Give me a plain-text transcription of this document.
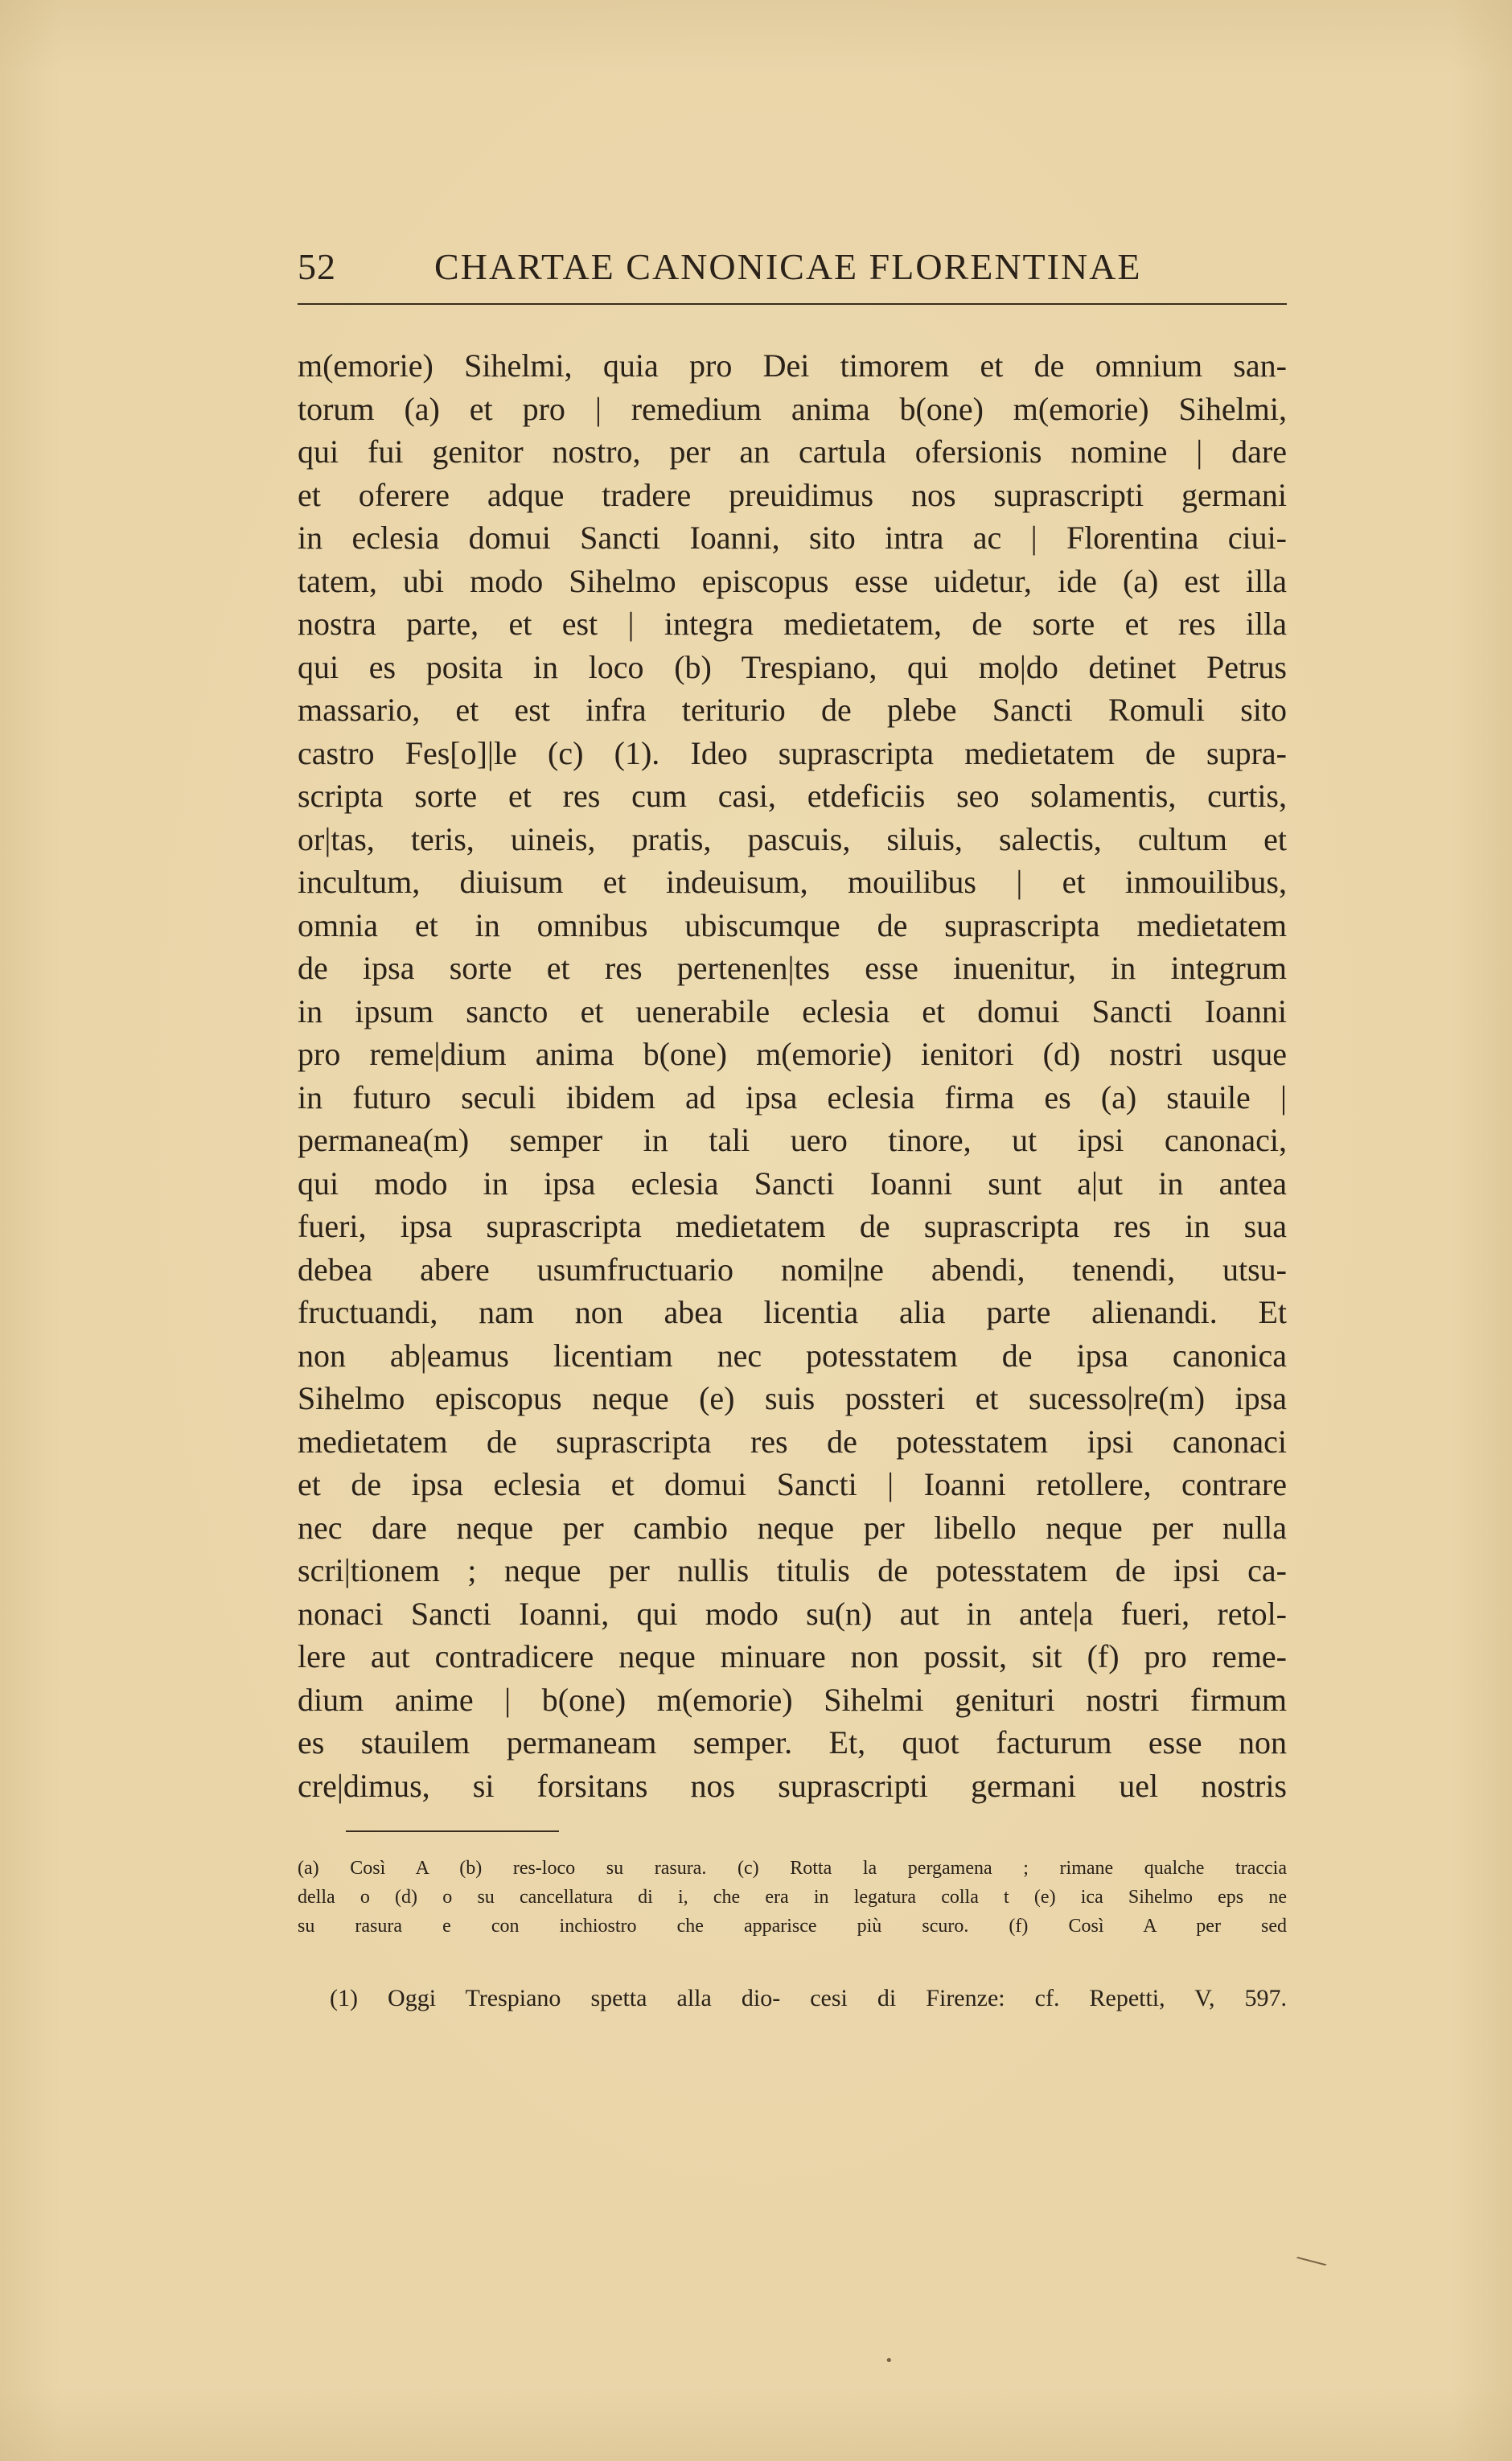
52	CHARTAE CANONICAE FLORENTINAE
m(emorie) Sihelmi, quia pro Dei timorem et de omnium san-
torum (a) et pro | remedium anima b(one) m(emorie) Sihelmi,
qui fui genitor nostro, per an cartula ofersionis nomine | dare
et oferere adque tradere preuidimus nos suprascripti germani
in eclesia domui Sancti Ioanni, sito intra ac | Florentina ciui-
tatem, ubi modo Sihelmo episcopus esse uidetur, ide (a) est illa
nostra parte, et est | integra medietatem, de sorte et res illa
qui es posita in loco (b) Trespiano, qui mo|do detinet Petrus
massario, et est infra teriturio de plebe Sancti Romuli sito
castro Fes[o]|le (c) (1). Ideo suprascripta medietatem de supra-
scripta sorte et res cum casi, etdeficiis seo solamentis, curtis,
or|tas, teris, uineis, pratis, pascuis, siluis, salectis, cultum et
incultum, diuisum et indeuisum, mouilibus | et inmouilibus,
omnia et in omnibus ubiscumque de suprascripta medietatem
de ipsa sorte et res pertenen|tes esse inuenitur, in integrum
in ipsum sancto et uenerabile eclesia et domui Sancti Ioanni
pro reme|dium anima b(one) m(emorie) ienitori (d) nostri usque
in futuro seculi ibidem ad ipsa eclesia firma es (a) stauile |
permanea(m) semper in tali uero tinore, ut ipsi canonaci,
qui modo in ipsa eclesia Sancti Ioanni sunt a|ut in antea
fueri, ipsa suprascripta medietatem de suprascripta res in sua
debea abere usumfructuario nomi|ne abendi, tenendi, utsu-
fructuandi, nam non abea licentia alia parte alienandi. Et
non ab|eamus licentiam nec potesstatem de ipsa canonica
Sihelmo episcopus neque (e) suis possteri et sucesso|re(m) ipsa
medietatem de suprascripta res de potesstatem ipsi canonaci
et de ipsa eclesia et domui Sancti | Ioanni retollere, contrare
nec dare neque per cambio neque per libello neque per nulla
scri|tionem ; neque per nullis titulis de potesstatem de ipsi ca-
nonaci Sancti Ioanni, qui modo su(n) aut in ante|a fueri, retol-
lere aut contradicere neque minuare non possit, sit (f) pro reme-
dium anime | b(one) m(emorie) Sihelmi genituri nostri firmum
es stauilem permaneam semper. Et, quot facturum esse non
cre|dimus, si forsitans nos suprascripti germani uel nostris
(a) Così A (b) res-loco su rasura. (c) Rotta la pergamena ; rimane qualche traccia
della o (d) o su cancellatura di i, che era in legatura colla t (e) ica Sihelmo eps ne
su rasura e con inchiostro che apparisce più scuro. (f) Così A per sed
(1) Oggi Trespiano spetta alla dio- cesi di Firenze: cf. Repetti, V, 597.
⟍
•
